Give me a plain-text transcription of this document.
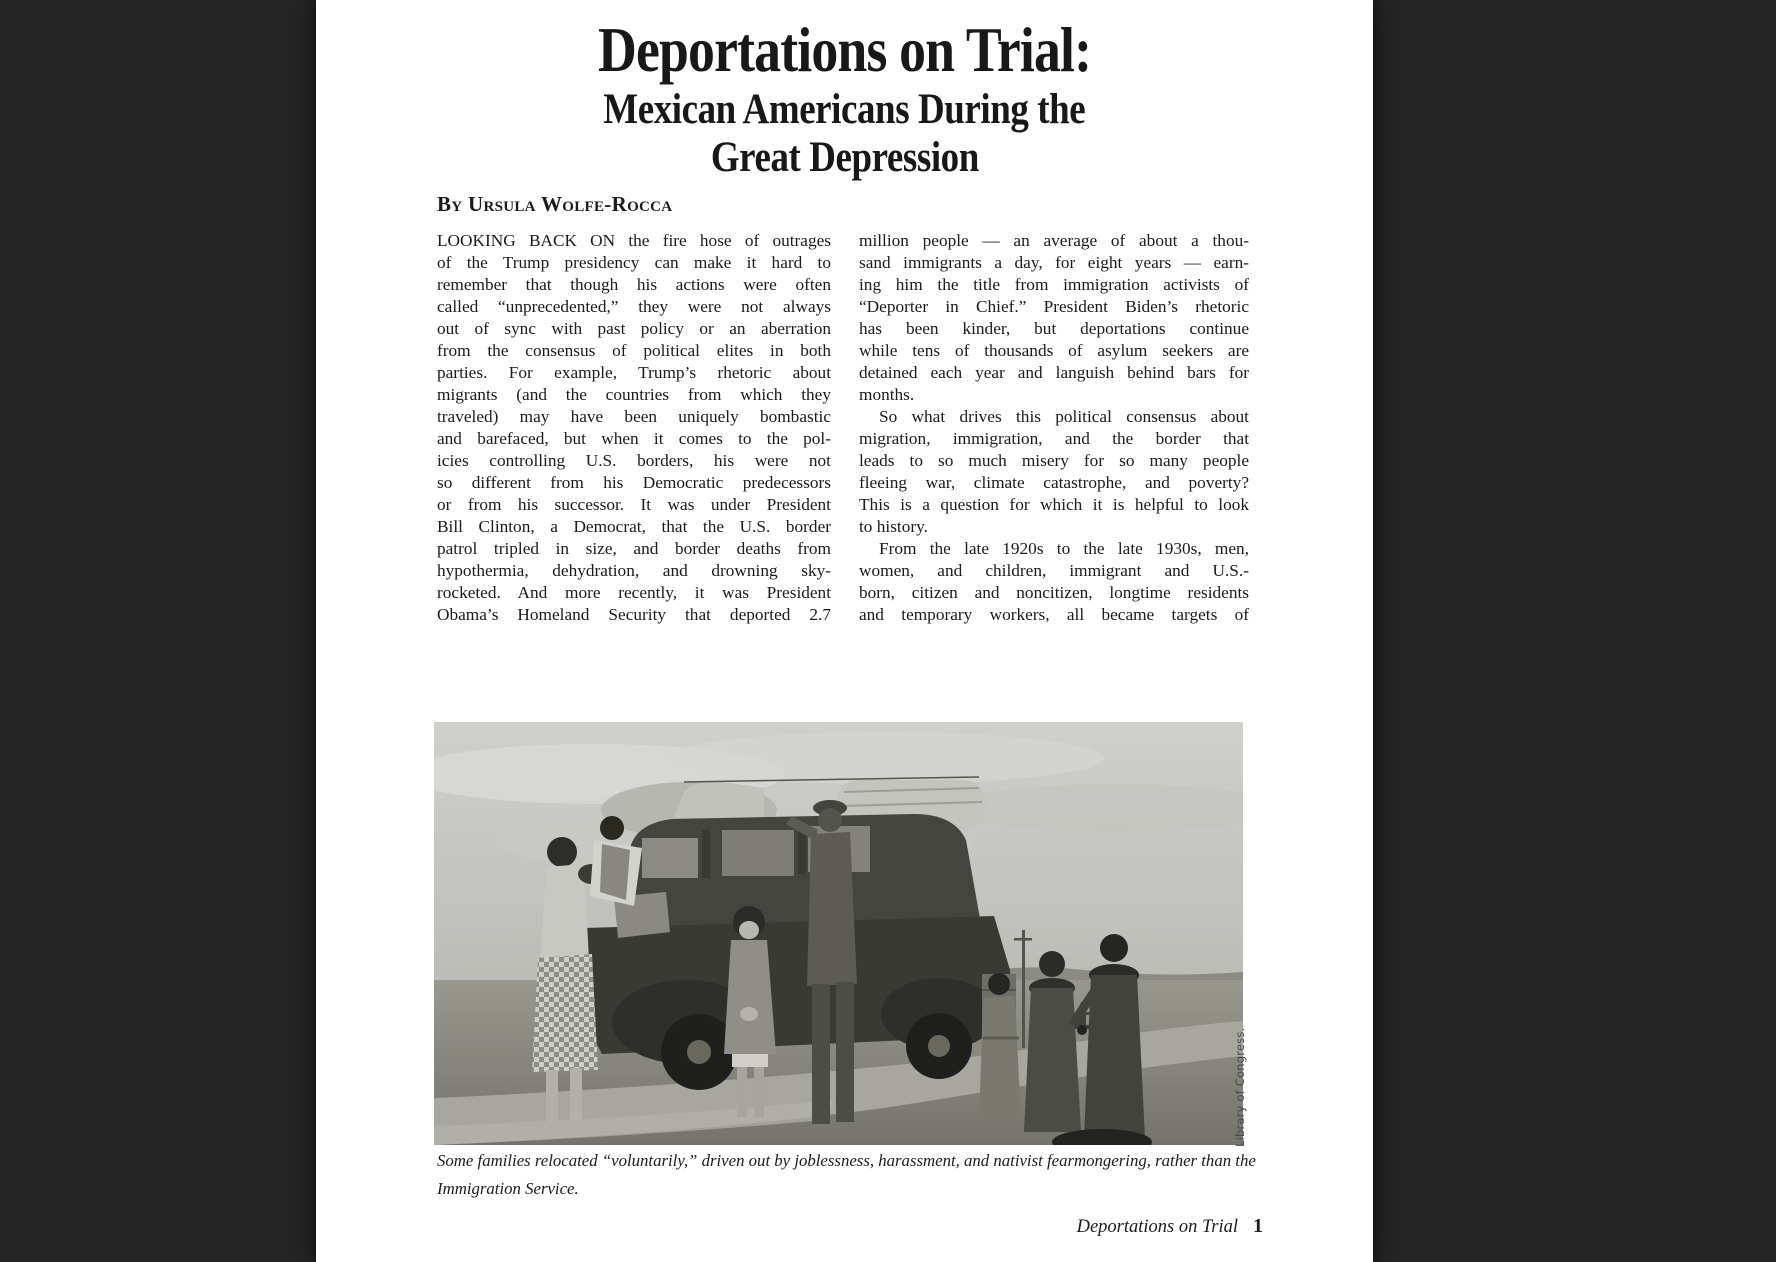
Deportations on Trial:
Mexican Americans During the
Great Depression
By Ursula Wolfe-Rocca
LOOKING BACK ON the fire hose of outrages
of the Trump presidency can make it hard to
remember that though his actions were often
called “unprecedented,” they were not always
out of sync with past policy or an aberration
from the consensus of political elites in both
parties. For example, Trump’s rhetoric about
migrants (and the countries from which they
traveled) may have been uniquely bombastic
and barefaced, but when it comes to the pol-
icies controlling U.S. borders, his were not
so different from his Democratic predecessors
or from his successor. It was under President
Bill Clinton, a Democrat, that the U.S. border
patrol tripled in size, and border deaths from
hypothermia, dehydration, and drowning sky-
rocketed. And more recently, it was President
Obama’s Homeland Security that deported 2.7
million people — an average of about a thou-
sand immigrants a day, for eight years — earn-
ing him the title from immigration activists of
“Deporter in Chief.” President Biden’s rhetoric
has been kinder, but deportations continue
while tens of thousands of asylum seekers are
detained each year and languish behind bars for
months.
So what drives this political consensus about
migration, immigration, and the border that
leads to so much misery for so many people
fleeing war, climate catastrophe, and poverty?
This is a question for which it is helpful to look
to history.
From the late 1920s to the late 1930s, men,
women, and children, immigrant and U.S.-
born, citizen and noncitizen, longtime residents
and temporary workers, all became targets of
Library of Congress.
Some families relocated “voluntarily,” driven out by joblessness, harassment, and nativist fearmongering, rather than the
Immigration Service.
Deportations on Trial 1
